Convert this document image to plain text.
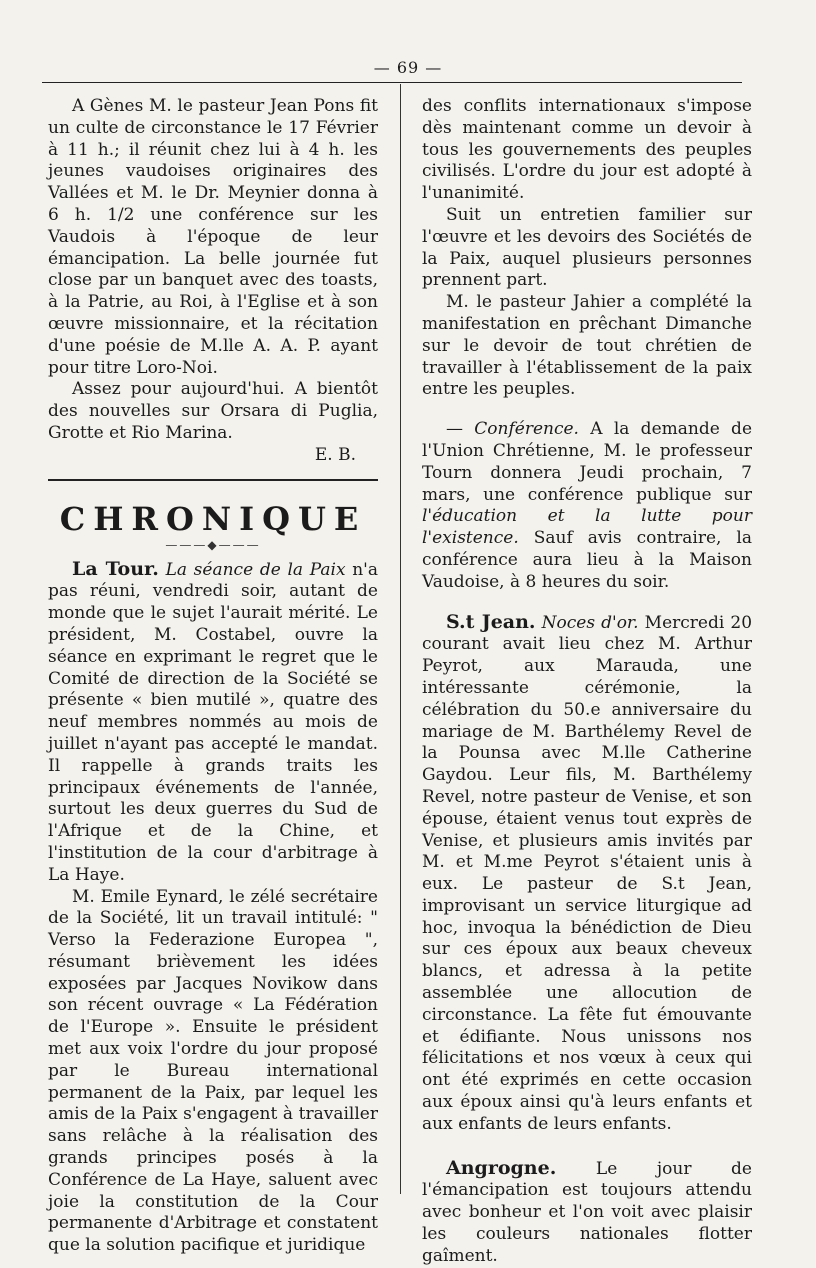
— 69 —

A Gènes M. le pasteur Jean Pons fit un culte de circonstance le 17 Février à 11 h.; il réunit chez lui à 4 h. les jeunes vaudoises originaires des Vallées et M. le Dr. Meynier donna à 6 h. 1/2 une conférence sur les Vaudois à l'époque de leur émancipation. La belle journée fut close par un banquet avec des toasts, à la Patrie, au Roi, à l'Eglise et à son œuvre missionnaire, et la récitation d'une poésie de M.lle A. A. P. ayant pour titre Loro-Noi.

Assez pour aujourd'hui. A bientôt des nouvelles sur Orsara di Puglia, Grotte et Rio Marina.

E. B.

CHRONIQUE
———◆———

La Tour. La séance de la Paix n'a pas réuni, vendredi soir, autant de monde que le sujet l'aurait mérité. Le président, M. Costabel, ouvre la séance en exprimant le regret que le Comité de direction de la Société se présente « bien mutilé », quatre des neuf membres nommés au mois de juillet n'ayant pas accepté le mandat. Il rappelle à grands traits les principaux événements de l'année, surtout les deux guerres du Sud de l'Afrique et de la Chine, et l'institution de la cour d'arbitrage à La Haye.

M. Emile Eynard, le zélé secrétaire de la Société, lit un travail intitulé: " Verso la Federazione Europea ", résumant brièvement les idées exposées par Jacques Novikow dans son récent ouvrage « La Fédération de l'Europe ». Ensuite le président met aux voix l'ordre du jour proposé par le Bureau international permanent de la Paix, par lequel les amis de la Paix s'engagent à travailler sans relâche à la réalisation des grands principes posés à la Conférence de La Haye, saluent avec joie la constitution de la Cour permanente d'Arbitrage et constatent que la solution pacifique et juridique

des conflits internationaux s'impose dès maintenant comme un devoir à tous les gouvernements des peuples civilisés. L'ordre du jour est adopté à l'unanimité.

Suit un entretien familier sur l'œuvre et les devoirs des Sociétés de la Paix, auquel plusieurs personnes prennent part.

M. le pasteur Jahier a complété la manifestation en prêchant Dimanche sur le devoir de tout chrétien de travailler à l'établissement de la paix entre les peuples.

— Conférence. A la demande de l'Union Chrétienne, M. le professeur Tourn donnera Jeudi prochain, 7 mars, une conférence publique sur l'éducation et la lutte pour l'existence. Sauf avis contraire, la conférence aura lieu à la Maison Vaudoise, à 8 heures du soir.

S.t Jean. Noces d'or. Mercredi 20 courant avait lieu chez M. Arthur Peyrot, aux Marauda, une intéressante cérémonie, la célébration du 50.e anniversaire du mariage de M. Barthélemy Revel de la Pounsa avec M.lle Catherine Gaydou. Leur fils, M. Barthélemy Revel, notre pasteur de Venise, et son épouse, étaient venus tout exprès de Venise, et plusieurs amis invités par M. et M.me Peyrot s'étaient unis à eux. Le pasteur de S.t Jean, improvisant un service liturgique ad hoc, invoqua la bénédiction de Dieu sur ces époux aux beaux cheveux blancs, et adressa à la petite assemblée une allocution de circonstance. La fête fut émouvante et édifiante. Nous unissons nos félicitations et nos vœux à ceux qui ont été exprimés en cette occasion aux époux ainsi qu'à leurs enfants et aux enfants de leurs enfants.

Angrogne. Le jour de l'émancipation est toujours attendu avec bonheur et l'on voit avec plaisir les couleurs nationales flotter gaîment.
